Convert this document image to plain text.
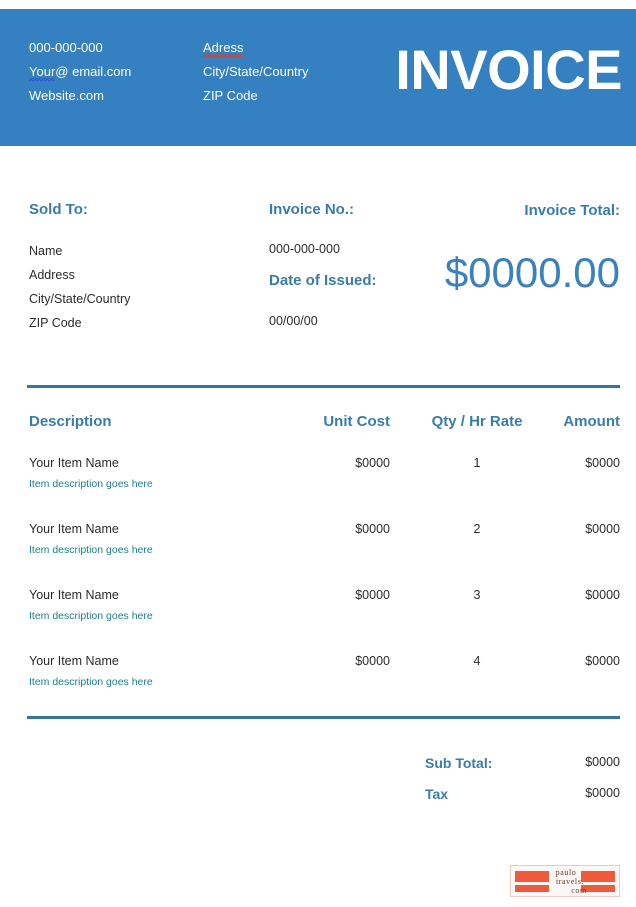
000-000-000
Your@ email.com
Website.com
Adress
City/State/Country
ZIP Code	INVOICE
Sold To:
Name
Address
City/State/Country
ZIP Code
Invoice No.:
000-000-000
Date of Issued:
00/00/00
Invoice Total:
$0000.00
Description	Unit Cost	Qty / Hr Rate	Amount
Your Item Name
Item description goes here
$0000	1	$0000
Your Item Name
Item description goes here
$0000	2	$0000
Your Item Name
Item description goes here
$0000	3	$0000
Your Item Name
Item description goes here
$0000	4	$0000
Sub Total:	$0000
Tax	$0000
paulo
travels.
com
